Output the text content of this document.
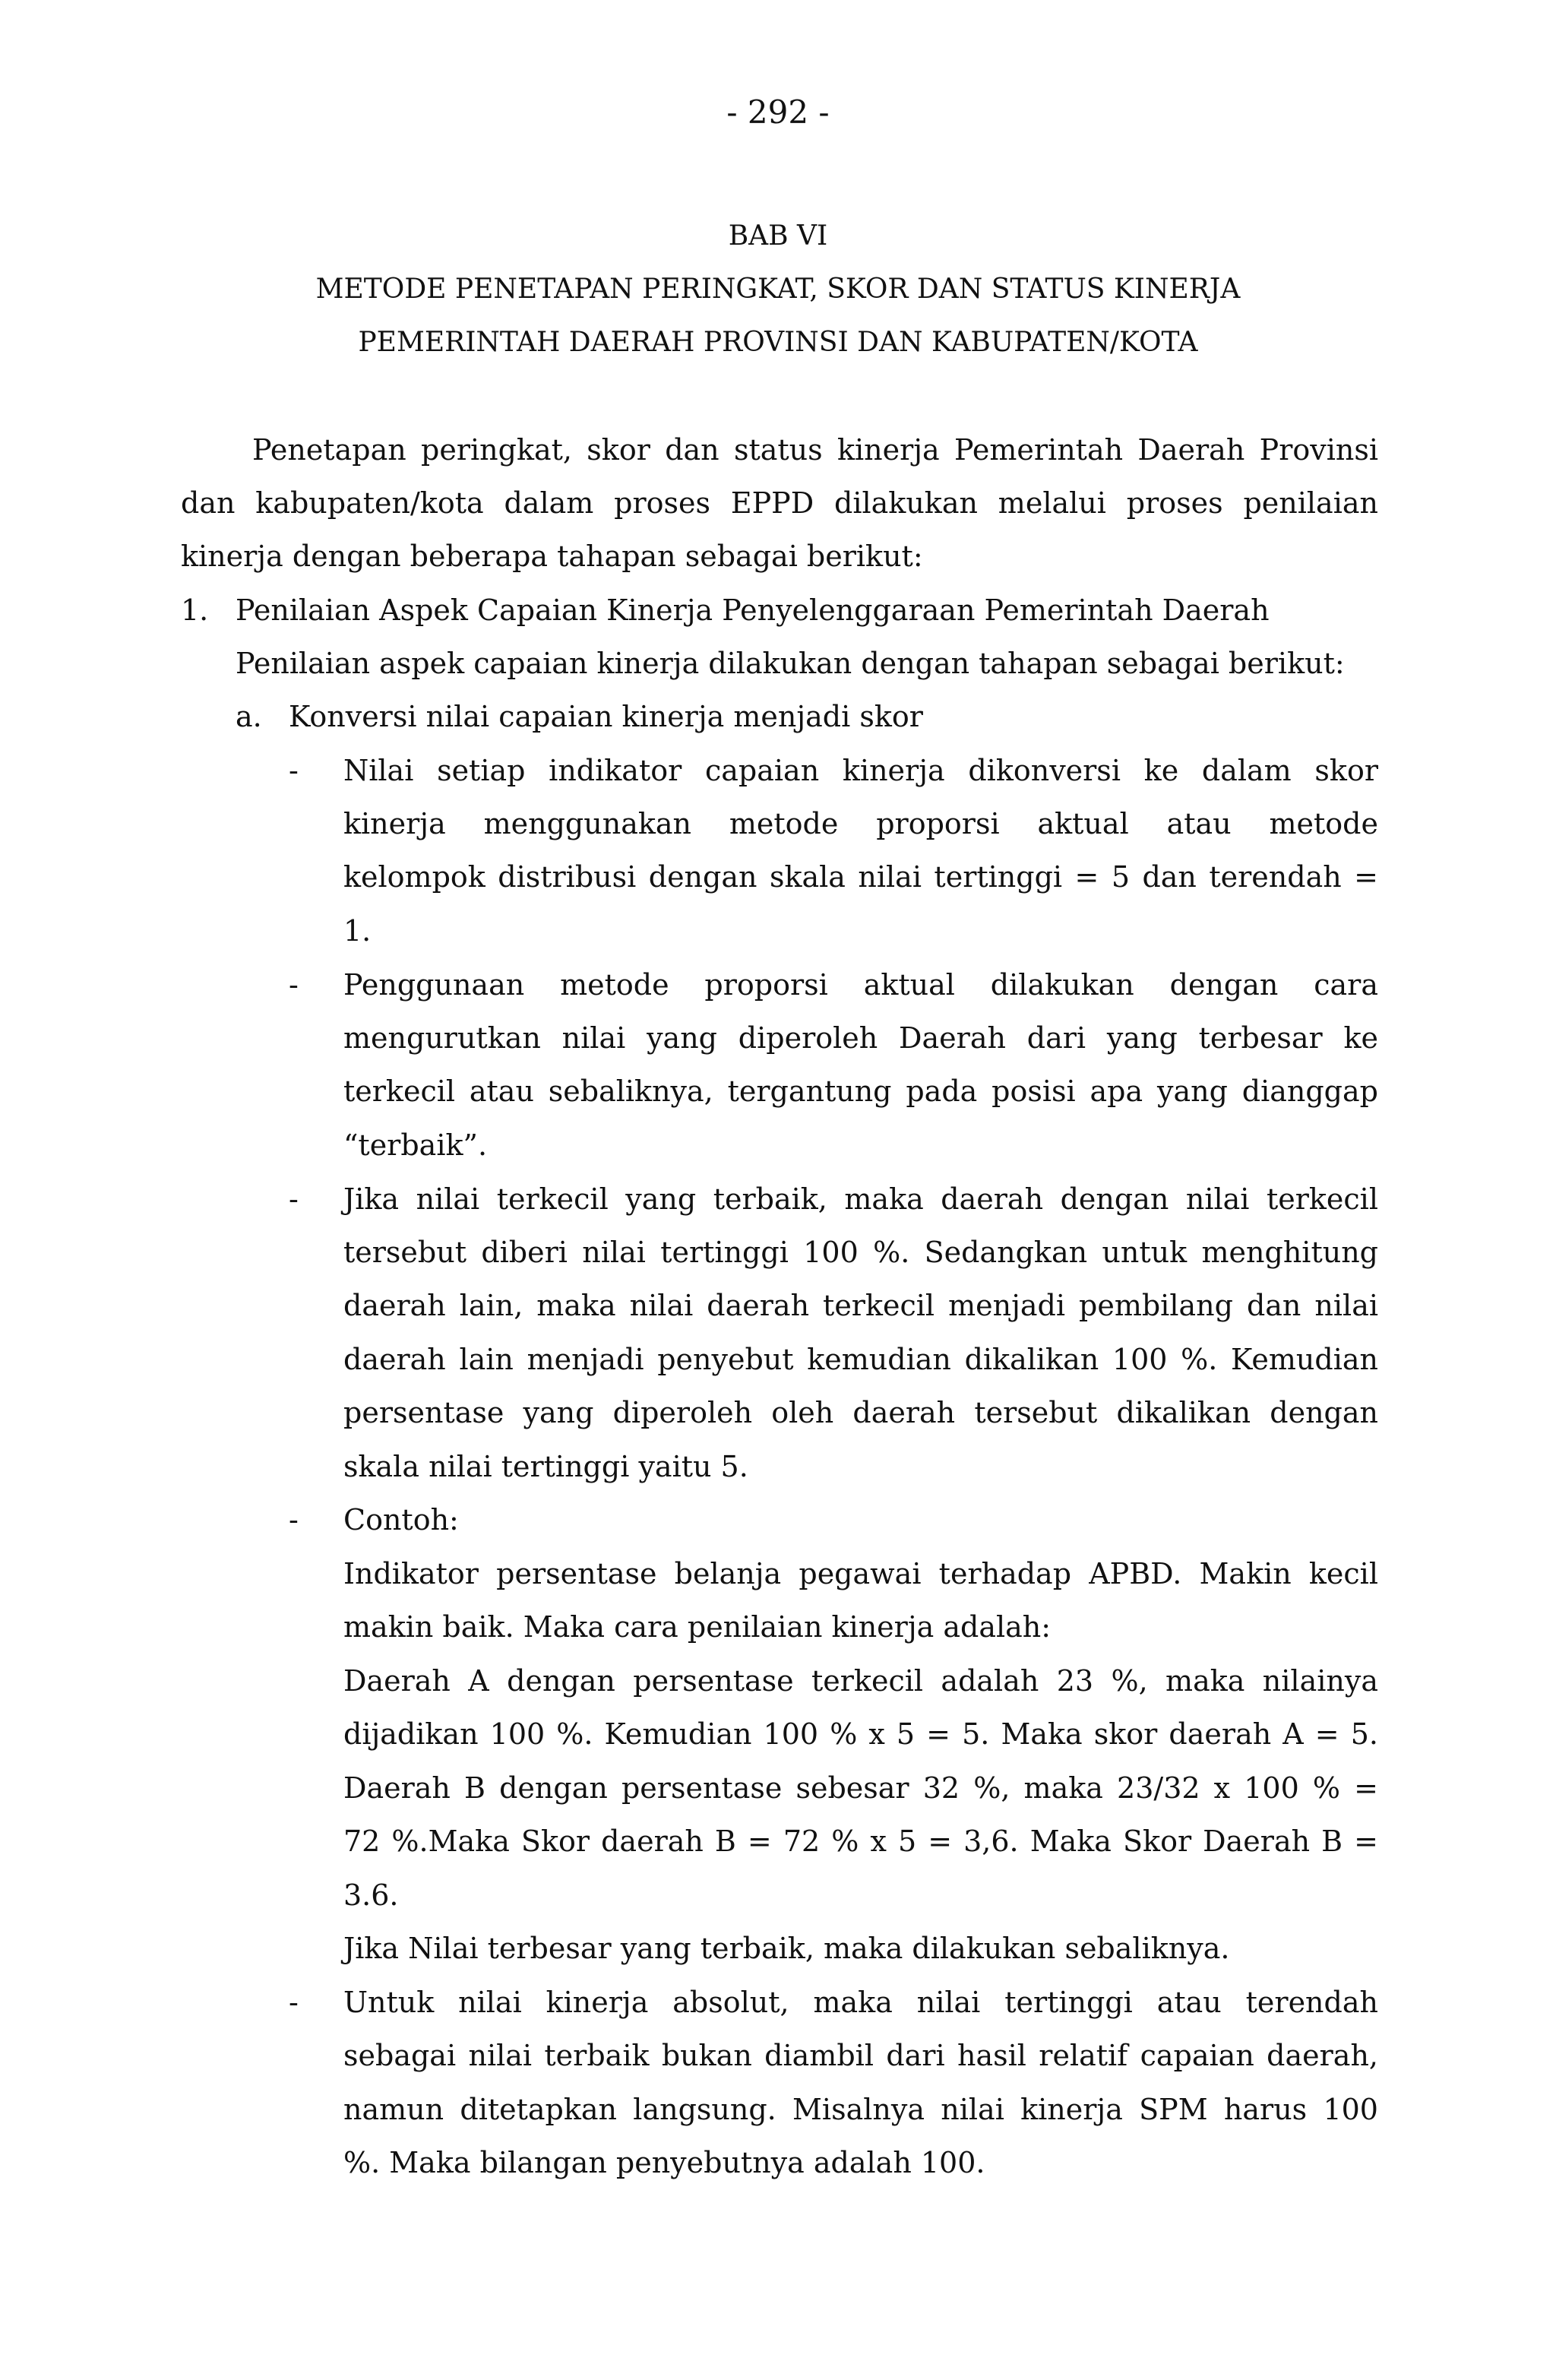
- 292 -
BAB VI
METODE PENETAPAN PERINGKAT, SKOR DAN STATUS KINERJA
PEMERINTAH DAERAH PROVINSI DAN KABUPATEN/KOTA
Penetapan peringkat, skor dan status kinerja Pemerintah Daerah Provinsi
dan kabupaten/kota dalam proses EPPD dilakukan melalui proses penilaian
kinerja dengan beberapa tahapan sebagai berikut:
1. Penilaian Aspek Capaian Kinerja Penyelenggaraan Pemerintah Daerah
Penilaian aspek capaian kinerja dilakukan dengan tahapan sebagai berikut:
a. Konversi nilai capaian kinerja menjadi skor
- Nilai setiap indikator capaian kinerja dikonversi ke dalam skor
kinerja menggunakan metode proporsi aktual atau metode
kelompok distribusi dengan skala nilai tertinggi = 5 dan terendah =
1.
- Penggunaan metode proporsi aktual dilakukan dengan cara
mengurutkan nilai yang diperoleh Daerah dari yang terbesar ke
terkecil atau sebaliknya, tergantung pada posisi apa yang dianggap
“terbaik”.
- Jika nilai terkecil yang terbaik, maka daerah dengan nilai terkecil
tersebut diberi nilai tertinggi 100 %. Sedangkan untuk menghitung
daerah lain, maka nilai daerah terkecil menjadi pembilang dan nilai
daerah lain menjadi penyebut kemudian dikalikan 100 %. Kemudian
persentase yang diperoleh oleh daerah tersebut dikalikan dengan
skala nilai tertinggi yaitu 5.
- Contoh:
Indikator persentase belanja pegawai terhadap APBD. Makin kecil
makin baik. Maka cara penilaian kinerja adalah:
Daerah A dengan persentase terkecil adalah 23 %, maka nilainya
dijadikan 100 %. Kemudian 100 % x 5 = 5. Maka skor daerah A = 5.
Daerah B dengan persentase sebesar 32 %, maka 23/32 x 100 % =
72 %.Maka Skor daerah B = 72 % x 5 = 3,6. Maka Skor Daerah B =
3.6.
Jika Nilai terbesar yang terbaik, maka dilakukan sebaliknya.
- Untuk nilai kinerja absolut, maka nilai tertinggi atau terendah
sebagai nilai terbaik bukan diambil dari hasil relatif capaian daerah,
namun ditetapkan langsung. Misalnya nilai kinerja SPM harus 100
%. Maka bilangan penyebutnya adalah 100.
